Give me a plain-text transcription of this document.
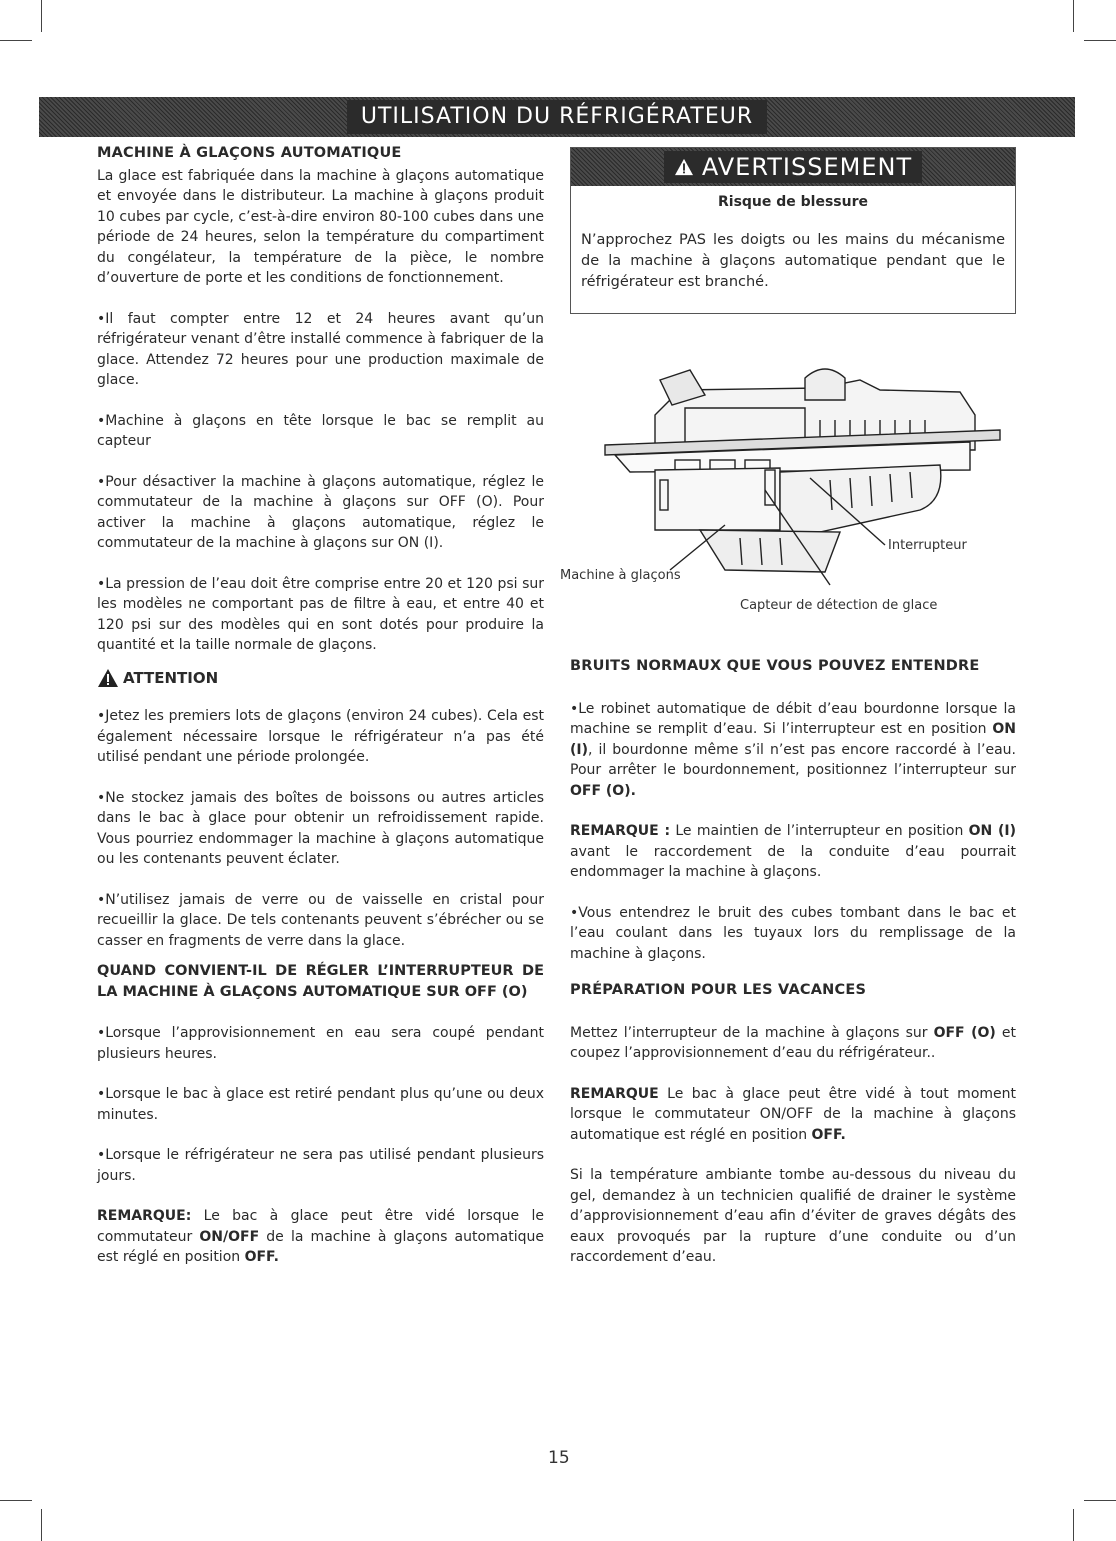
UTILISATION DU RÉFRIGÉRATEUR
MACHINE À GLAÇONS AUTOMATIQUE

La glace est fabriquée dans la machine à glaçons automatique et envoyée dans le distributeur. La machine à glaçons produit 10 cubes par cycle, c’est-à-dire environ 80-100 cubes dans une période de 24 heures, selon la température du compartiment du congélateur, la température de la pièce, le nombre d’ouverture de porte et les conditions de fonctionnement.

•Il faut compter entre 12 et 24 heures avant qu’un réfrigérateur venant d’être installé commence à fabriquer de la glace. Attendez 72 heures pour une production maximale de glace.

•Machine à glaçons en tête lorsque le bac se remplit au capteur

•Pour désactiver la machine à glaçons automatique, réglez le commutateur de la machine à glaçons sur OFF (O). Pour activer la machine à glaçons automatique, réglez le commutateur de la machine à glaçons sur ON (I).

•La pression de l’eau doit être comprise entre 20 et 120 psi sur les modèles ne comportant pas de filtre à eau, et entre 40 et 120 psi sur des modèles qui en sont dotés pour produire la quantité et la taille normale de glaçons.

ATTENTION

•Jetez les premiers lots de glaçons (environ 24 cubes). Cela est également nécessaire lorsque le réfrigérateur n’a pas été utilisé pendant une période prolongée.

•Ne stockez jamais des boîtes de boissons ou autres articles dans le bac à glace pour obtenir un refroidissement rapide. Vous pourriez endommager la machine à glaçons automatique ou les contenants peuvent éclater.

•N’utilisez jamais de verre ou de vaisselle en cristal pour recueillir la glace. De tels contenants peuvent s’ébrécher ou se casser en fragments de verre dans la glace.

QUAND CONVIENT-IL DE RÉGLER L’INTERRUPTEUR DE LA MACHINE À GLAÇONS AUTOMATIQUE SUR OFF (O)

•Lorsque l’approvisionnement en eau sera coupé pendant plusieurs heures.

•Lorsque le bac à glace est retiré pendant plus qu’une ou deux minutes.

•Lorsque le réfrigérateur ne sera pas utilisé pendant plusieurs jours.

REMARQUE: Le bac à glace peut être vidé lorsque le commutateur ON/OFF de la machine à glaçons automatique est réglé en position OFF.

AVERTISSEMENT
Risque de blessure
N’approchez PAS les doigts ou les mains du mécanisme de la machine à glaçons automatique pendant que le réfrigérateur est branché.
Machine à glaçons
Interrupteur
Capteur de détection de glace
BRUITS NORMAUX QUE VOUS POUVEZ ENTENDRE

•Le robinet automatique de débit d’eau bourdonne lorsque la machine se remplit d’eau. Si l’interrupteur est en position ON (I), il bourdonne même s’il n’est pas encore raccordé à l’eau. Pour arrêter le bourdonnement, positionnez l’interrupteur sur OFF (O).

REMARQUE : Le maintien de l’interrupteur en position ON (I) avant le raccordement de la conduite d’eau pourrait endommager la machine à glaçons.

•Vous entendrez le bruit des cubes tombant dans le bac et l’eau coulant dans les tuyaux lors du remplissage de la machine à glaçons.

PRÉPARATION POUR LES VACANCES

Mettez l’interrupteur de la machine à glaçons sur OFF (O) et coupez l’approvisionnement d’eau du réfrigérateur..

REMARQUE Le bac à glace peut être vidé à tout moment lorsque le commutateur ON/OFF de la machine à glaçons automatique est réglé en position OFF.

Si la température ambiante tombe au-dessous du niveau du gel, demandez à un technicien qualifié de drainer le système d’approvisionnement d’eau afin d’éviter de graves dégâts des eaux provoqués par la rupture d’une conduite ou d’un raccordement d’eau.

15
